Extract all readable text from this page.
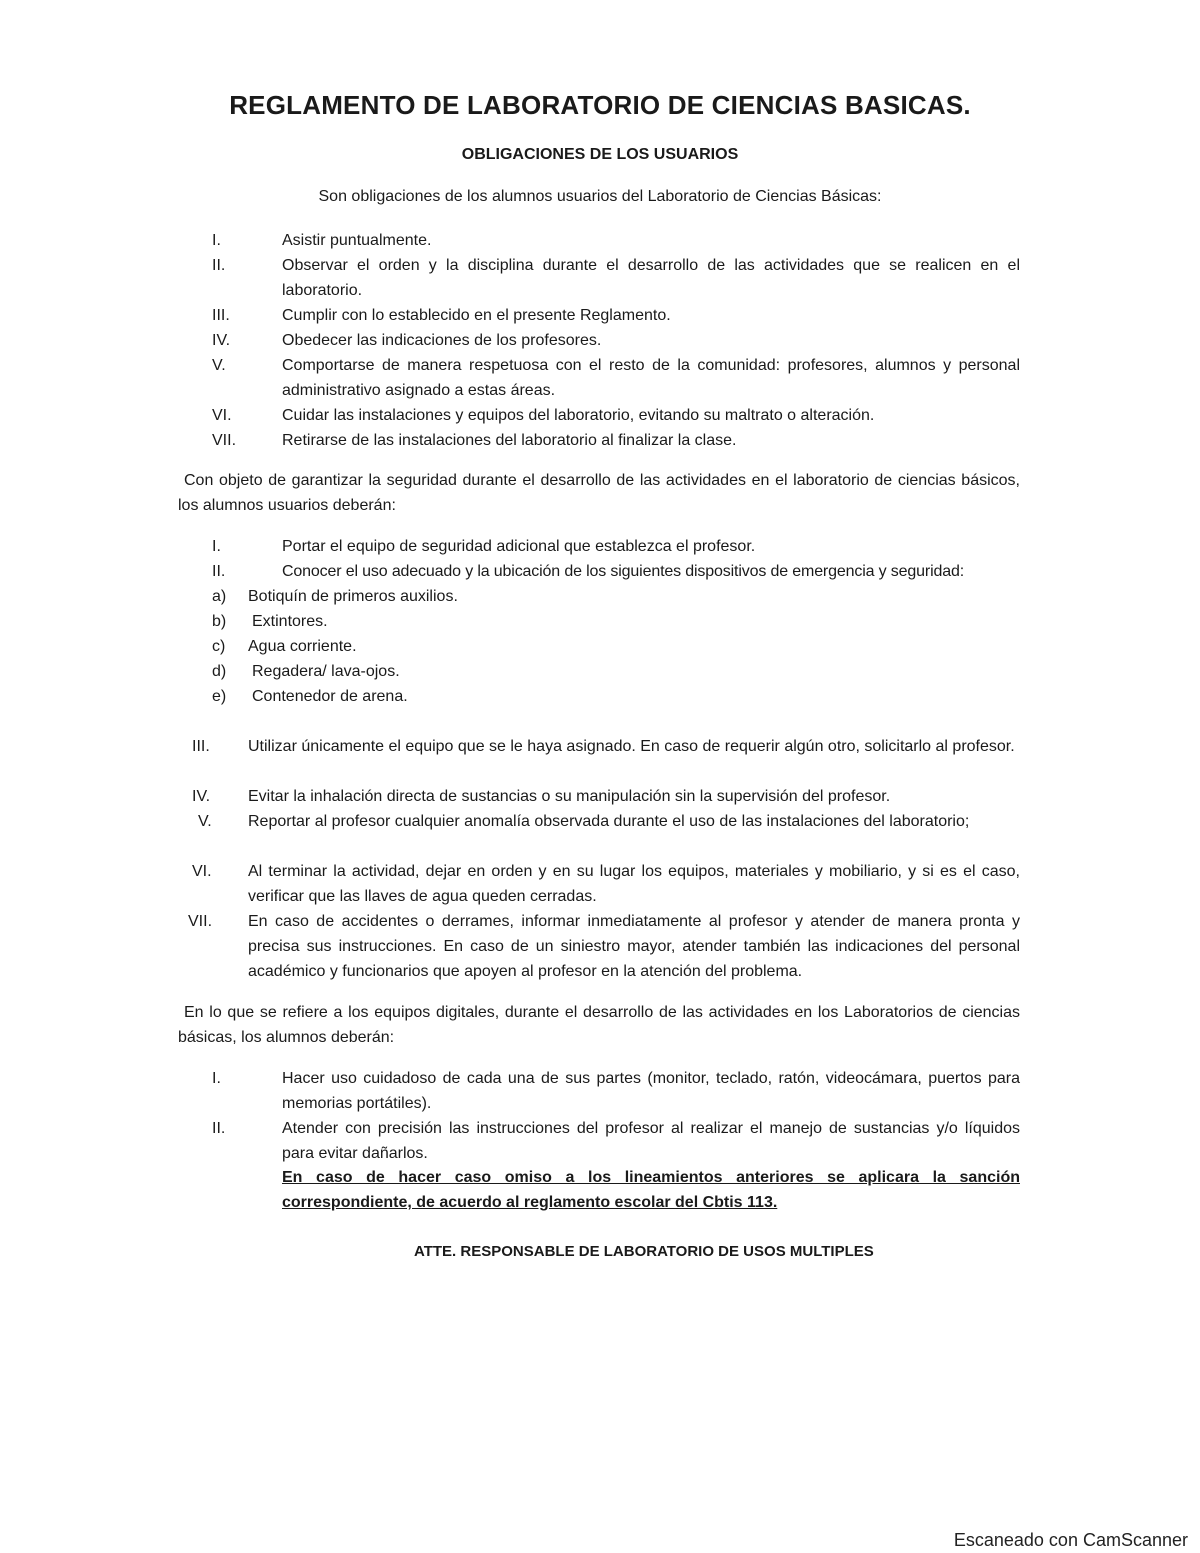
REGLAMENTO DE LABORATORIO DE CIENCIAS BASICAS.
OBLIGACIONES DE LOS USUARIOS
Son obligaciones de los alumnos usuarios del Laboratorio de Ciencias Básicas:
I.	Asistir puntualmente.
II.	Observar el orden y la disciplina durante el desarrollo de las actividades que se realicen en el laboratorio.
III.	Cumplir con lo establecido en el presente Reglamento.
IV.	Obedecer las indicaciones de los profesores.
V.	Comportarse de manera respetuosa con el resto de la comunidad: profesores, alumnos y personal administrativo asignado a estas áreas.
VI.	Cuidar las instalaciones y equipos del laboratorio, evitando su maltrato o alteración.
VII.	Retirarse de las instalaciones del laboratorio al finalizar la clase.
Con objeto de garantizar la seguridad durante el desarrollo de las actividades en el laboratorio de ciencias básicos, los alumnos usuarios deberán:
I.	Portar el equipo de seguridad adicional que establezca el profesor.
II.	Conocer el uso adecuado y la ubicación de los siguientes dispositivos de emergencia y seguridad:
a) Botiquín de primeros auxilios.
b) Extintores.
c) Agua corriente.
d) Regadera/ lava-ojos.
e) Contenedor de arena.
III. Utilizar únicamente el equipo que se le haya asignado. En caso de requerir algún otro, solicitarlo al profesor.
IV. Evitar la inhalación directa de sustancias o su manipulación sin la supervisión del profesor.
V. Reportar al profesor cualquier anomalía observada durante el uso de las instalaciones del laboratorio;
VI. Al terminar la actividad, dejar en orden y en su lugar los equipos, materiales y mobiliario, y si es el caso, verificar que las llaves de agua queden cerradas.
VII. En caso de accidentes o derrames, informar inmediatamente al profesor y atender de manera pronta y precisa sus instrucciones. En caso de un siniestro mayor, atender también las indicaciones del personal académico y funcionarios que apoyen al profesor en la atención del problema.
En lo que se refiere a los equipos digitales, durante el desarrollo de las actividades en los Laboratorios de ciencias básicas, los alumnos deberán:
I.	Hacer uso cuidadoso de cada una de sus partes (monitor, teclado, ratón, videocámara, puertos para memorias portátiles).
II.	Atender con precisión las instrucciones del profesor al realizar el manejo de sustancias y/o líquidos para evitar dañarlos.
En caso de hacer caso omiso a los lineamientos anteriores se aplicara la sanción correspondiente, de acuerdo al reglamento escolar del Cbtis 113.
ATTE. RESPONSABLE DE LABORATORIO DE USOS MULTIPLES
Escaneado con CamScanner
